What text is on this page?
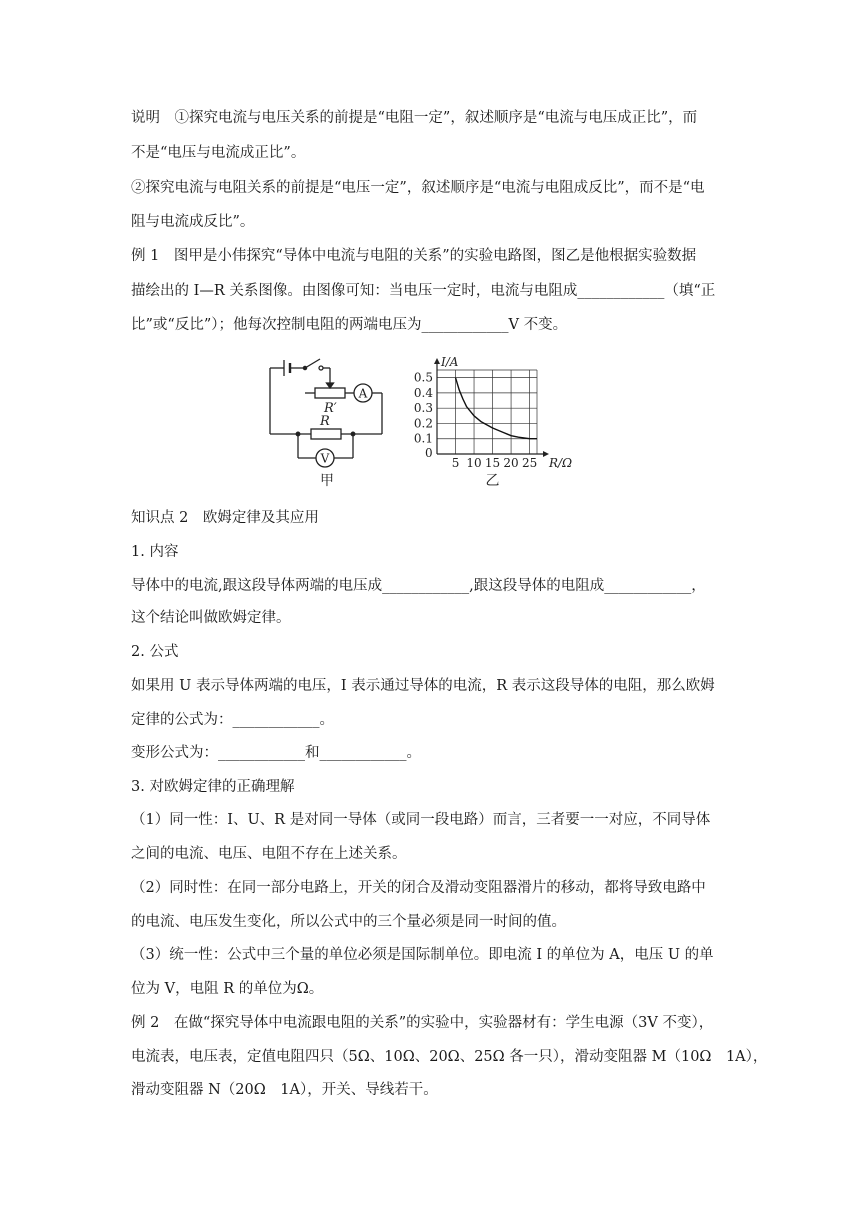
说明　①探究电流与电压关系的前提是“电阻一定”，叙述顺序是“电流与电压成正比”，而
不是“电压与电流成正比”。
②探究电流与电阻关系的前提是“电压一定”，叙述顺序是“电流与电阻成反比”，而不是“电
阻与电流成反比”。
例 1　图甲是小伟探究“导体中电流与电阻的关系”的实验电路图，图乙是他根据实验数据
描绘出的 I—R 关系图像。由图像可知：当电压一定时，电流与电阻成____________（填“正
比”或“反比”）；他每次控制电阻的两端电压为____________V 不变。
A
V
R′
R
甲
5 10 15 20 25
0.1
0.2
0.3
0.4
0.5
I/A
R/Ω
0
乙
知识点 2　欧姆定律及其应用
1. 内容
导体中的电流,跟这段导体两端的电压成____________,跟这段导体的电阻成____________，
这个结论叫做欧姆定律。
2. 公式
如果用 U 表示导体两端的电压，I 表示通过导体的电流，R 表示这段导体的电阻，那么欧姆
定律的公式为：____________。
变形公式为：____________和____________。
3. 对欧姆定律的正确理解
（1）同一性：I、U、R 是对同一导体（或同一段电路）而言，三者要一一对应，不同导体
之间的电流、电压、电阻不存在上述关系。
（2）同时性：在同一部分电路上，开关的闭合及滑动变阻器滑片的移动，都将导致电路中
的电流、电压发生变化，所以公式中的三个量必须是同一时间的值。
（3）统一性：公式中三个量的单位必须是国际制单位。即电流 I 的单位为 A，电压 U 的单
位为 V，电阻 R 的单位为Ω。
例 2　在做“探究导体中电流跟电阻的关系”的实验中，实验器材有：学生电源（3V 不变），
电流表，电压表，定值电阻四只（5Ω、10Ω、20Ω、25Ω 各一只），滑动变阻器 M（10Ω　1A），
滑动变阻器 N（20Ω　1A），开关、导线若干。
